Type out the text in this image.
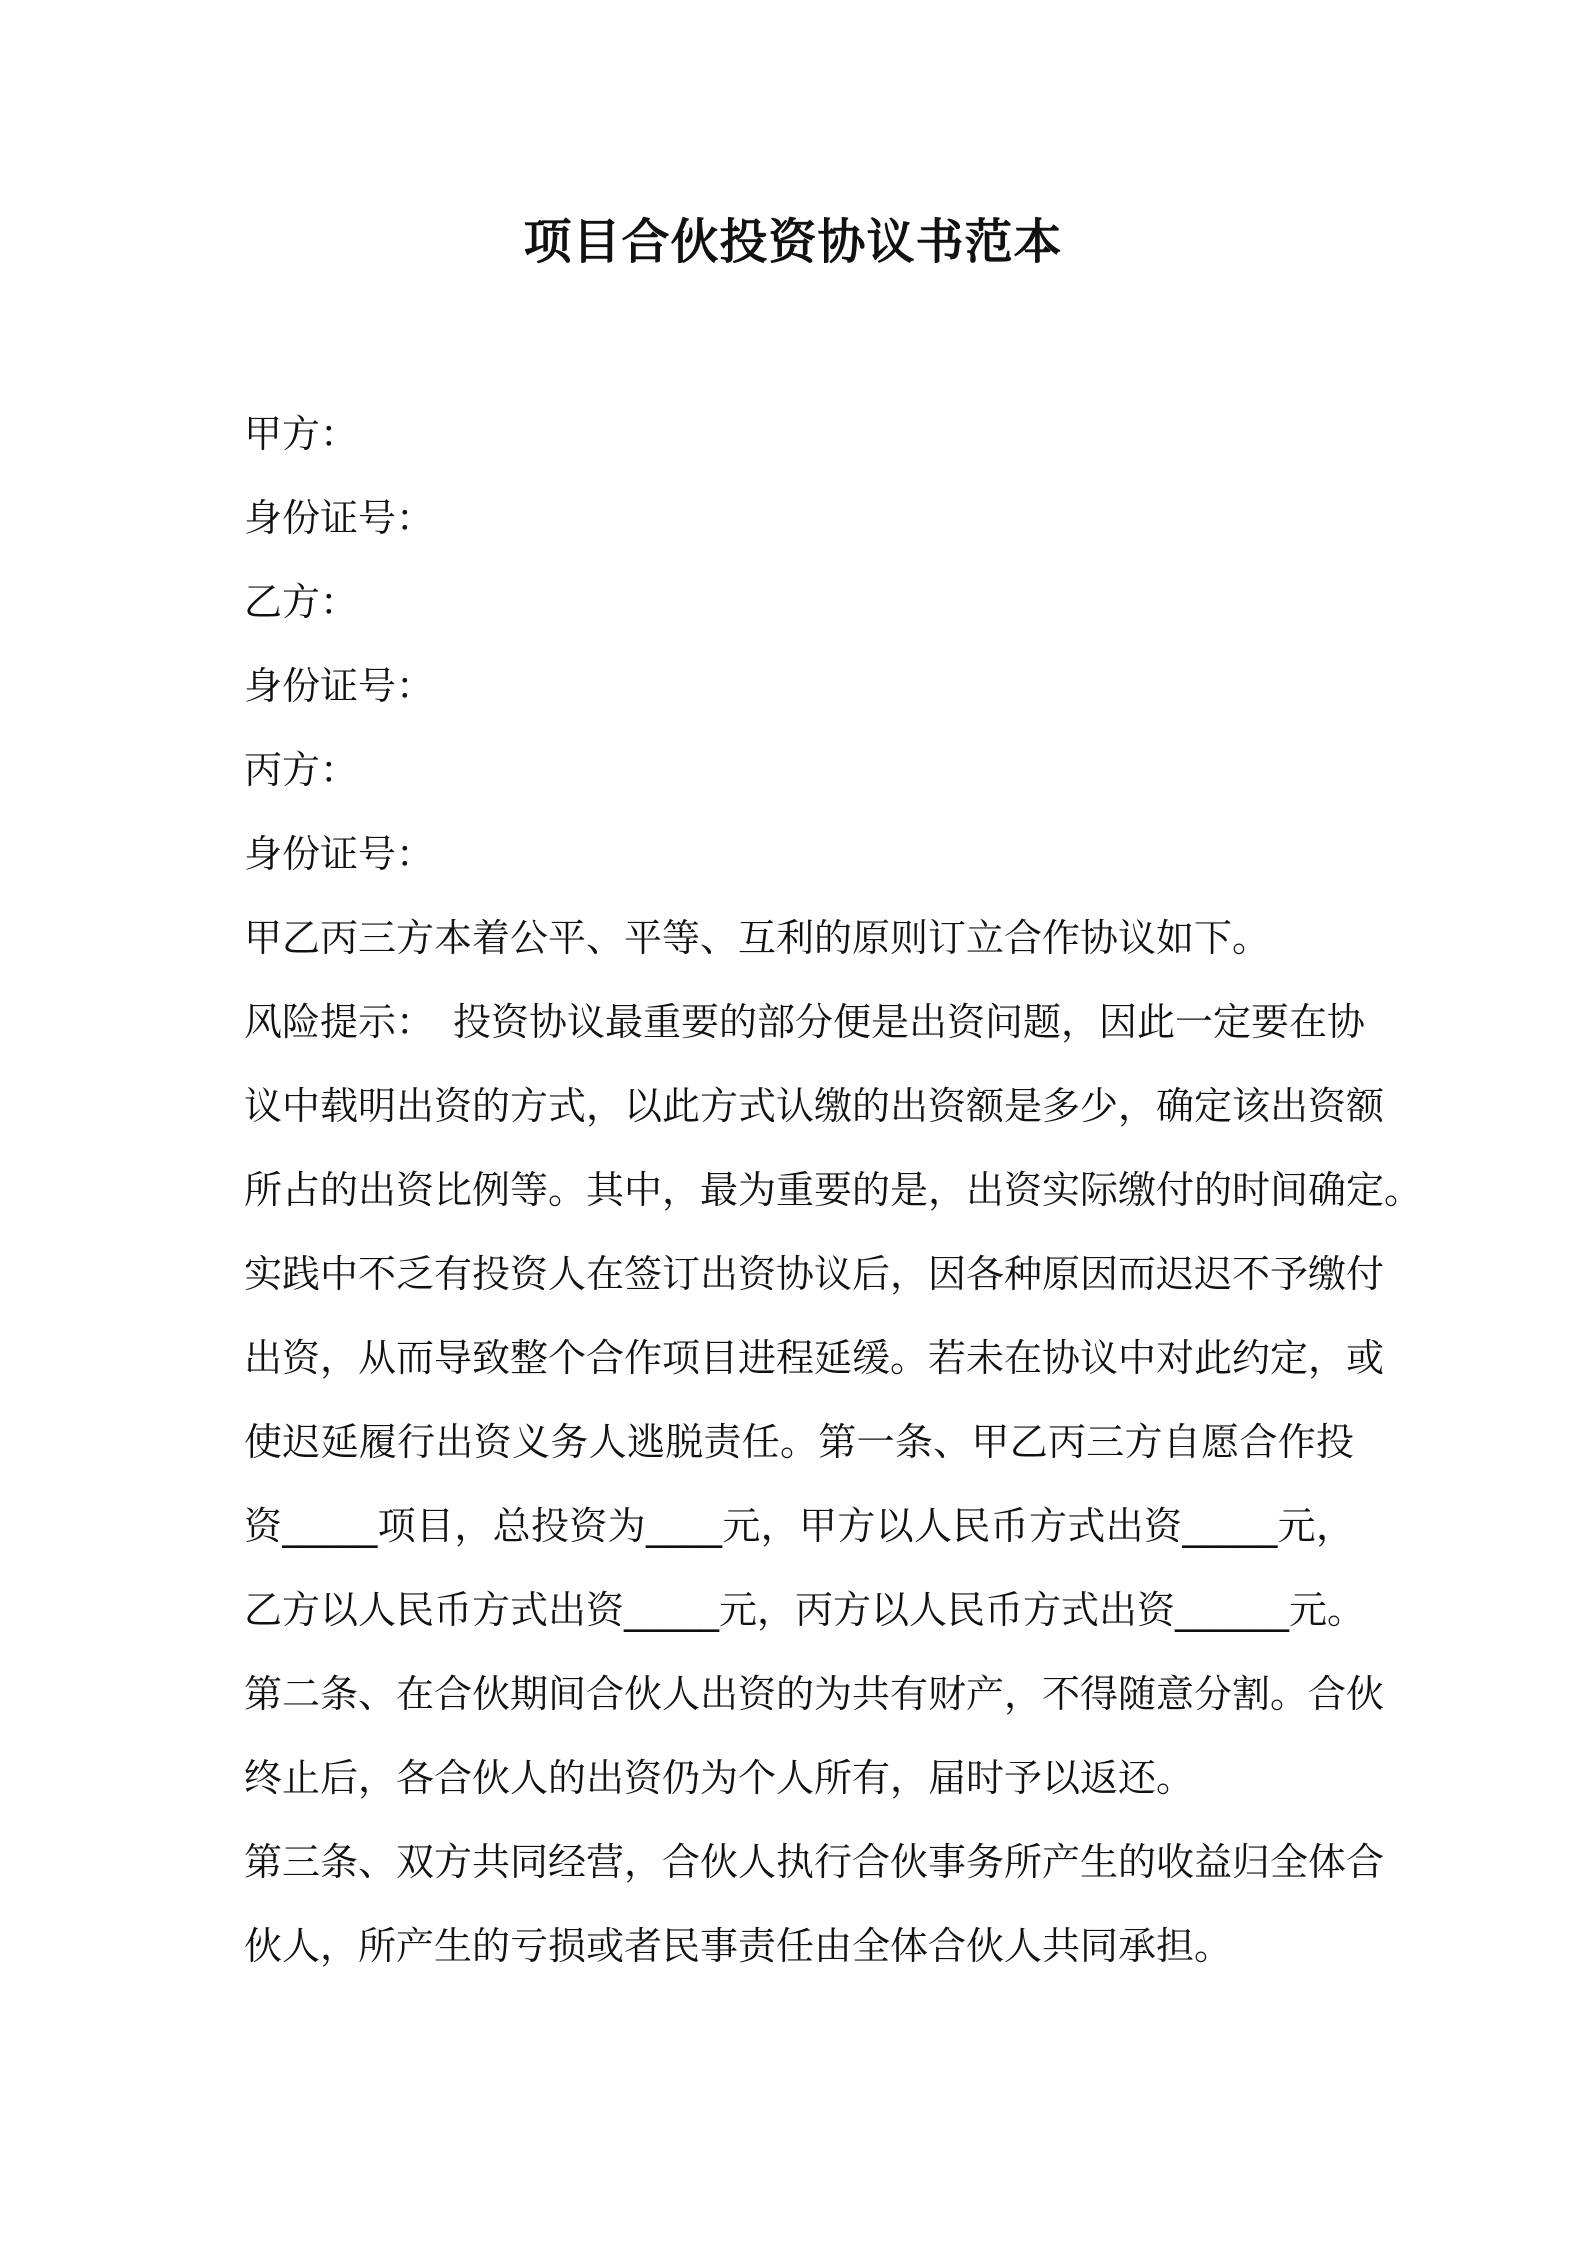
项目合伙投资协议书范本
甲方：
身份证号：
乙方：
身份证号：
丙方：
身份证号：
甲乙丙三方本着公平、平等、互利的原则订立合作协议如下。
风险提示：　投资协议最重要的部分便是出资问题，因此一定要在协
议中载明出资的方式，以此方式认缴的出资额是多少，确定该出资额
所占的出资比例等。其中，最为重要的是，出资实际缴付的时间确定。
实践中不乏有投资人在签订出资协议后，因各种原因而迟迟不予缴付
出资，从而导致整个合作项目进程延缓。若未在协议中对此约定，或
使迟延履行出资义务人逃脱责任。第一条、甲乙丙三方自愿合作投
资_____项目，总投资为____元，甲方以人民币方式出资_____元，
乙方以人民币方式出资_____元，丙方以人民币方式出资______元。
第二条、在合伙期间合伙人出资的为共有财产，不得随意分割。合伙
终止后，各合伙人的出资仍为个人所有，届时予以返还。
第三条、双方共同经营，合伙人执行合伙事务所产生的收益归全体合
伙人，所产生的亏损或者民事责任由全体合伙人共同承担。
